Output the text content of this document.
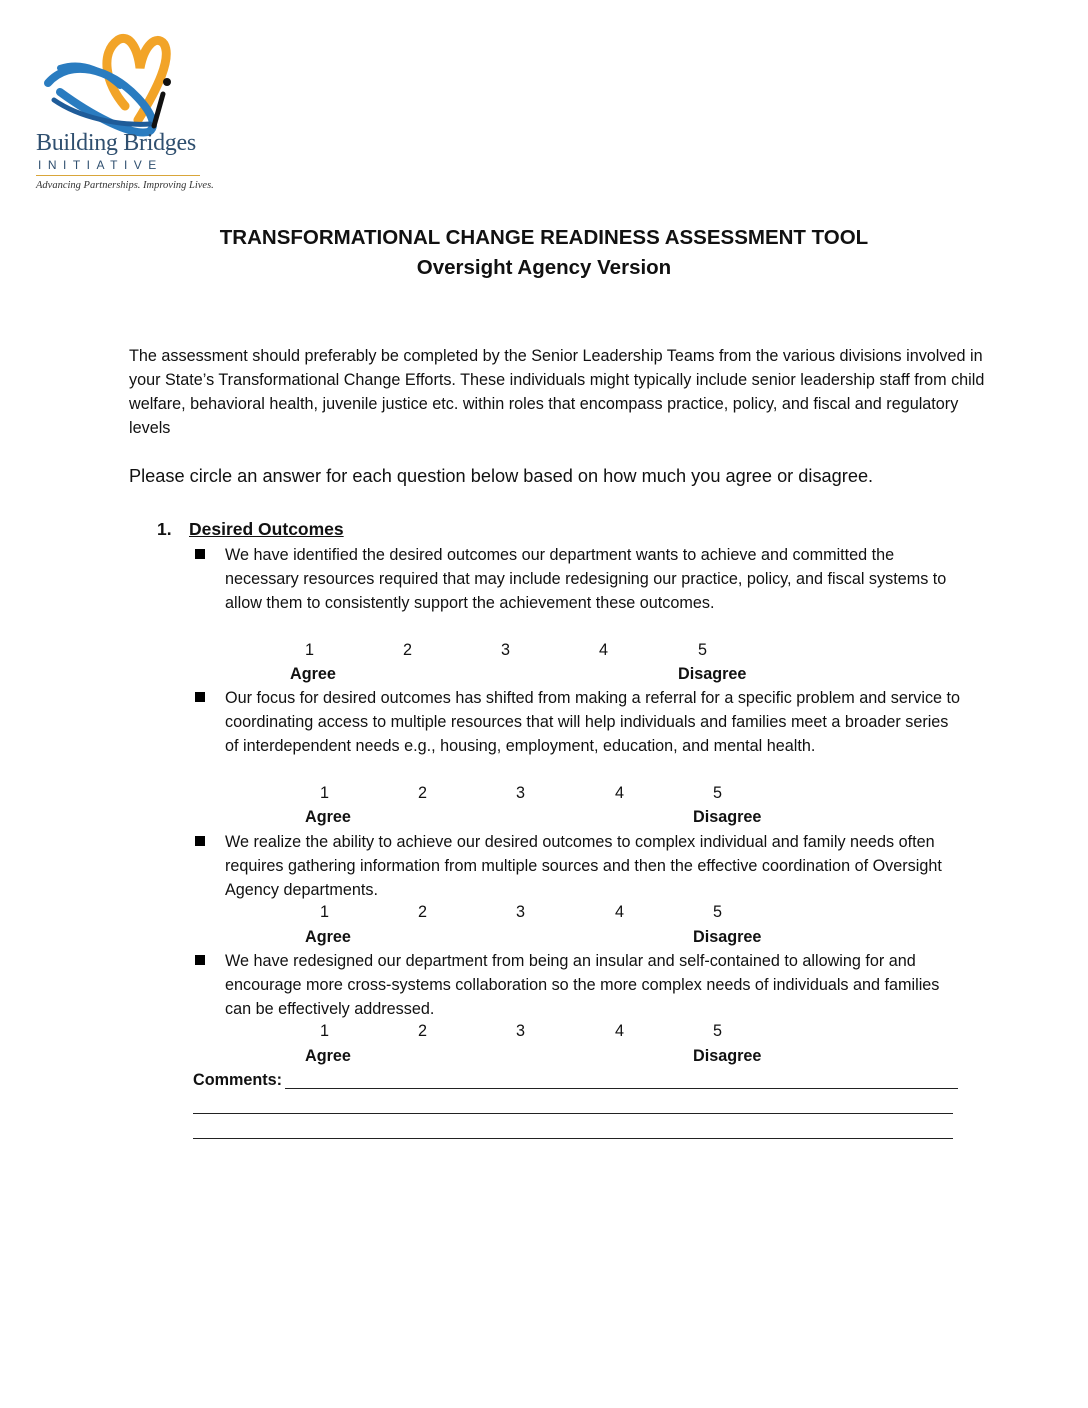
Building Bridges
INITIATIVE
Advancing Partnerships. Improving Lives.
TRANSFORMATIONAL CHANGE READINESS ASSESSMENT TOOL
Oversight Agency Version
The assessment should preferably be completed by the Senior Leadership Teams from the various divisions involved in your State’s Transformational Change Efforts. These individuals might typically include senior leadership staff from child welfare, behavioral health, juvenile justice etc. within roles that encompass practice, policy, and fiscal and regulatory levels
Please circle an answer for each question below based on how much you agree or disagree.
1. Desired Outcomes
We have identified the desired outcomes our department wants to achieve and committed the necessary resources required that may include redesigning our practice, policy, and fiscal systems to allow them to consistently support the achievement these outcomes.
1	2	3	4	5
Agree	Disagree
Our focus for desired outcomes has shifted from making a referral for a specific problem and service to coordinating access to multiple resources that will help individuals and families meet a broader series of interdependent needs e.g., housing, employment, education, and mental health.
1	2	3	4	5
Agree	Disagree
We realize the ability to achieve our desired outcomes to complex individual and family needs often requires gathering information from multiple sources and then the effective coordination of Oversight Agency departments.
1	2	3	4	5
Agree	Disagree
We have redesigned our department from being an insular and self-contained to allowing for and encourage more cross-systems collaboration so the more complex needs of individuals and families can be effectively addressed.
1	2	3	4	5
Agree	Disagree
Comments:
